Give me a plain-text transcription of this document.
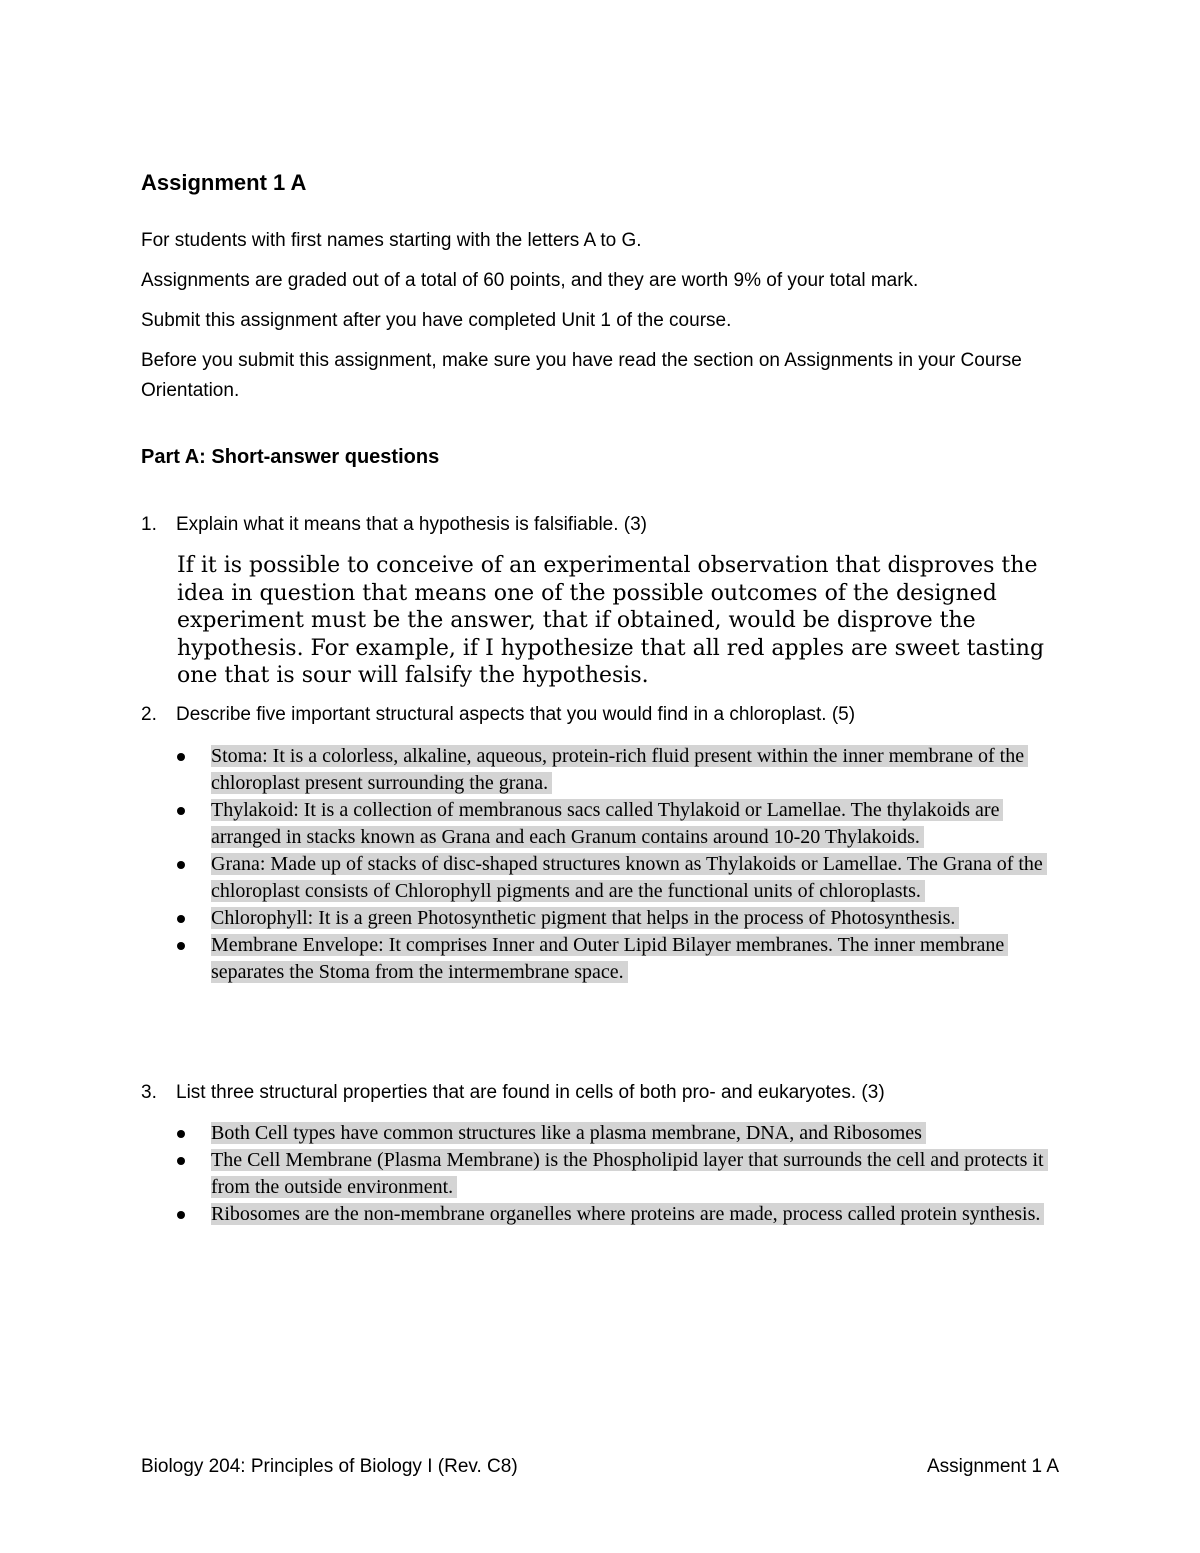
Assignment 1 A

For students with first names starting with the letters A to G.

Assignments are graded out of a total of 60 points, and they are worth 9% of your total mark.

Submit this assignment after you have completed Unit 1 of the course.

Before you submit this assignment, make sure you have read the section on Assignments in your Course Orientation.

Part A: Short-answer questions
1. Explain what it means that a hypothesis is falsifiable. (3)
If it is possible to conceive of an experimental observation that disproves the idea in question that means one of the possible outcomes of the designed experiment must be the answer, that if obtained, would be disprove the hypothesis. For example, if I hypothesize that all red apples are sweet tasting one that is sour will falsify the hypothesis.
2. Describe five important structural aspects that you would find in a chloroplast. (5)
Stoma: It is a colorless, alkaline, aqueous, protein-rich fluid present within the inner membrane of the chloroplast present surrounding the grana.
Thylakoid: It is a collection of membranous sacs called Thylakoid or Lamellae. The thylakoids are arranged in stacks known as Grana and each Granum contains around 10-20 Thylakoids.
Grana: Made up of stacks of disc-shaped structures known as Thylakoids or Lamellae. The Grana of the chloroplast consists of Chlorophyll pigments and are the functional units of chloroplasts.
Chlorophyll: It is a green Photosynthetic pigment that helps in the process of Photosynthesis.
Membrane Envelope: It comprises Inner and Outer Lipid Bilayer membranes. The inner membrane separates the Stoma from the intermembrane space.
3. List three structural properties that are found in cells of both pro- and eukaryotes. (3)
Both Cell types have common structures like a plasma membrane, DNA, and Ribosomes
The Cell Membrane (Plasma Membrane) is the Phospholipid layer that surrounds the cell and protects it from the outside environment.
Ribosomes are the non-membrane organelles where proteins are made, process called protein synthesis.
Biology 204: Principles of Biology I (Rev. C8)	Assignment 1 A
